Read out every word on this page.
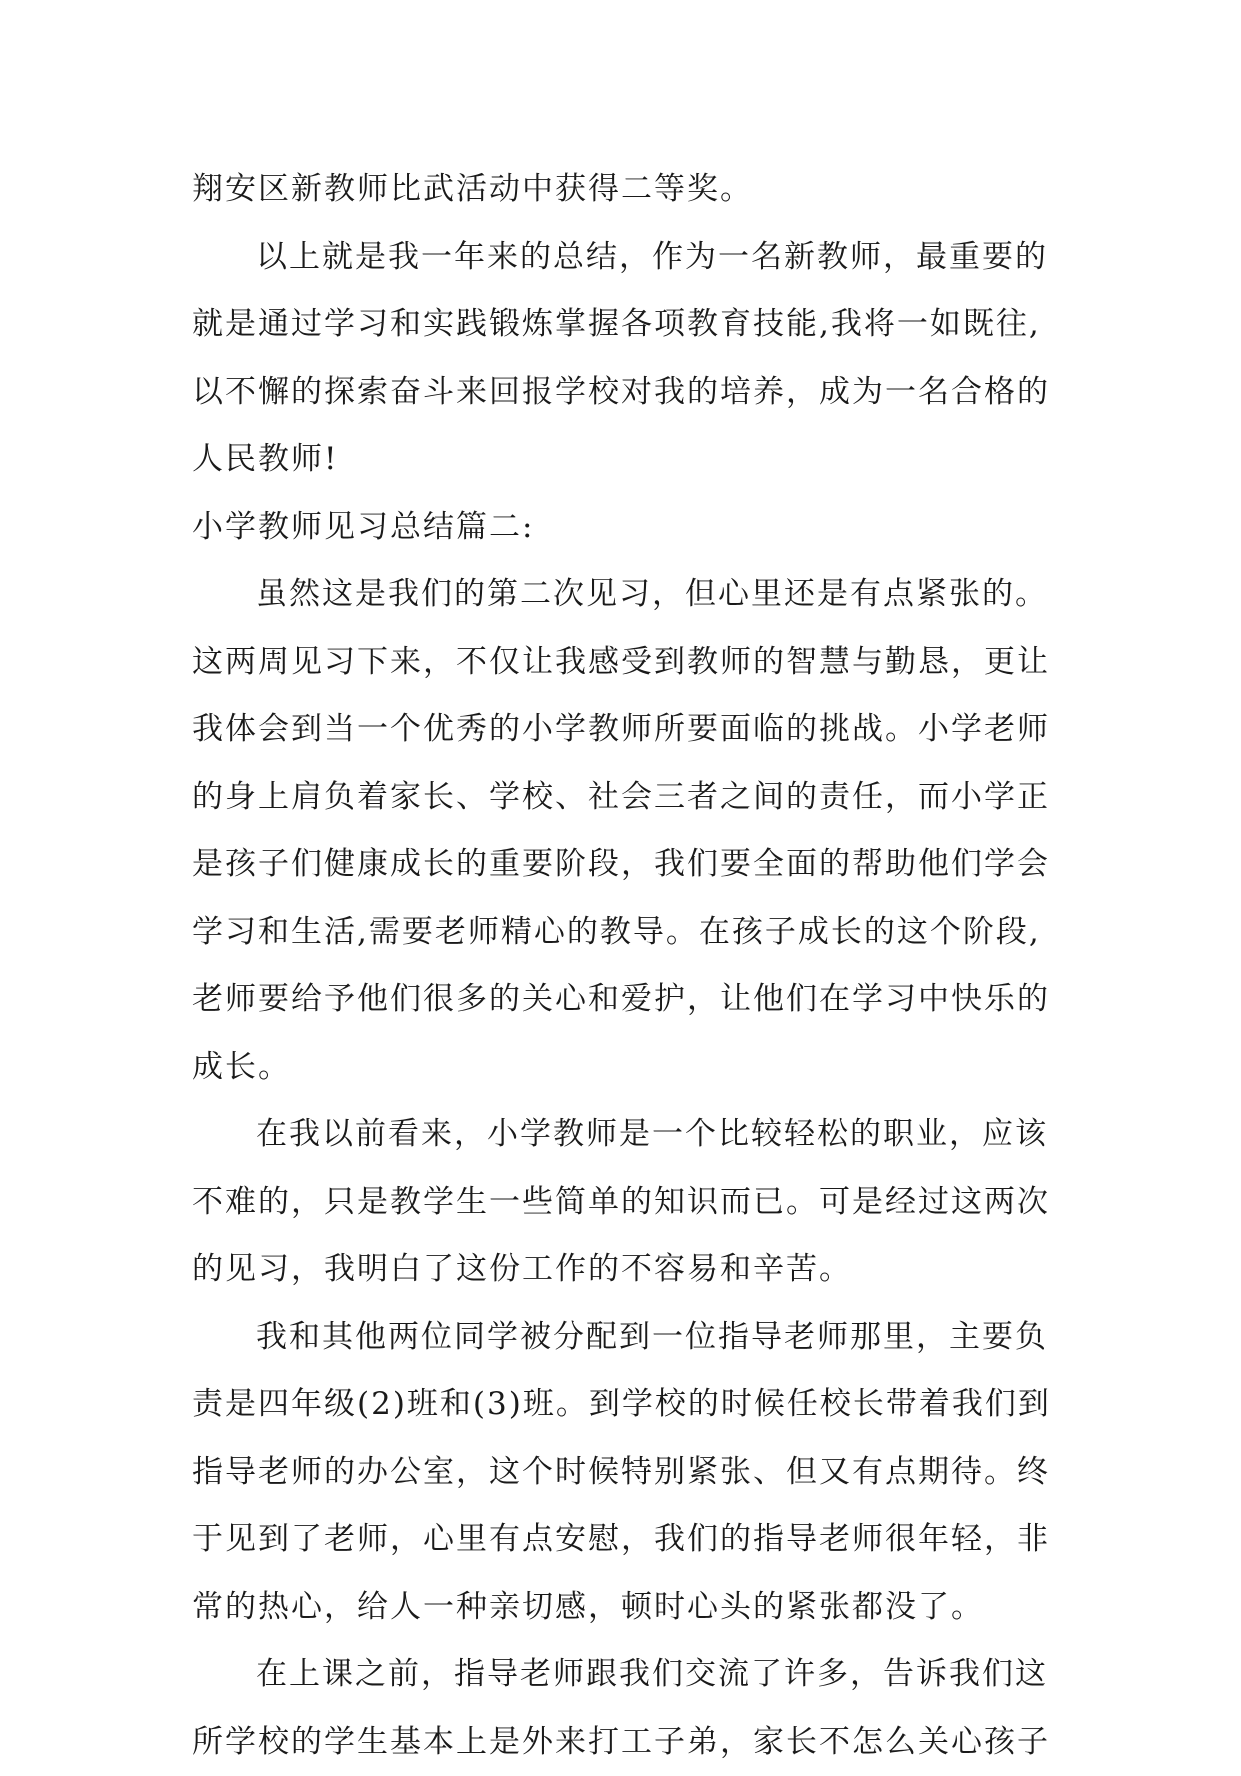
翔安区新教师比武活动中获得二等奖。
以上就是我一年来的总结，作为一名新教师，最重要的
就是通过学习和实践锻炼掌握各项教育技能,我将一如既往,
以不懈的探索奋斗来回报学校对我的培养，成为一名合格的
人民教师!
小学教师见习总结篇二:
虽然这是我们的第二次见习，但心里还是有点紧张的。
这两周见习下来，不仅让我感受到教师的智慧与勤恳，更让
我体会到当一个优秀的小学教师所要面临的挑战。小学老师
的身上肩负着家长、学校、社会三者之间的责任，而小学正
是孩子们健康成长的重要阶段，我们要全面的帮助他们学会
学习和生活,需要老师精心的教导。在孩子成长的这个阶段,
老师要给予他们很多的关心和爱护，让他们在学习中快乐的
成长。
在我以前看来，小学教师是一个比较轻松的职业，应该
不难的，只是教学生一些简单的知识而已。可是经过这两次
的见习，我明白了这份工作的不容易和辛苦。
我和其他两位同学被分配到一位指导老师那里，主要负
责是四年级(2)班和(3)班。到学校的时候任校长带着我们到
指导老师的办公室，这个时候特别紧张、但又有点期待。终
于见到了老师，心里有点安慰，我们的指导老师很年轻，非
常的热心，给人一种亲切感，顿时心头的紧张都没了。
在上课之前，指导老师跟我们交流了许多，告诉我们这
所学校的学生基本上是外来打工子弟，家长不怎么关心孩子
